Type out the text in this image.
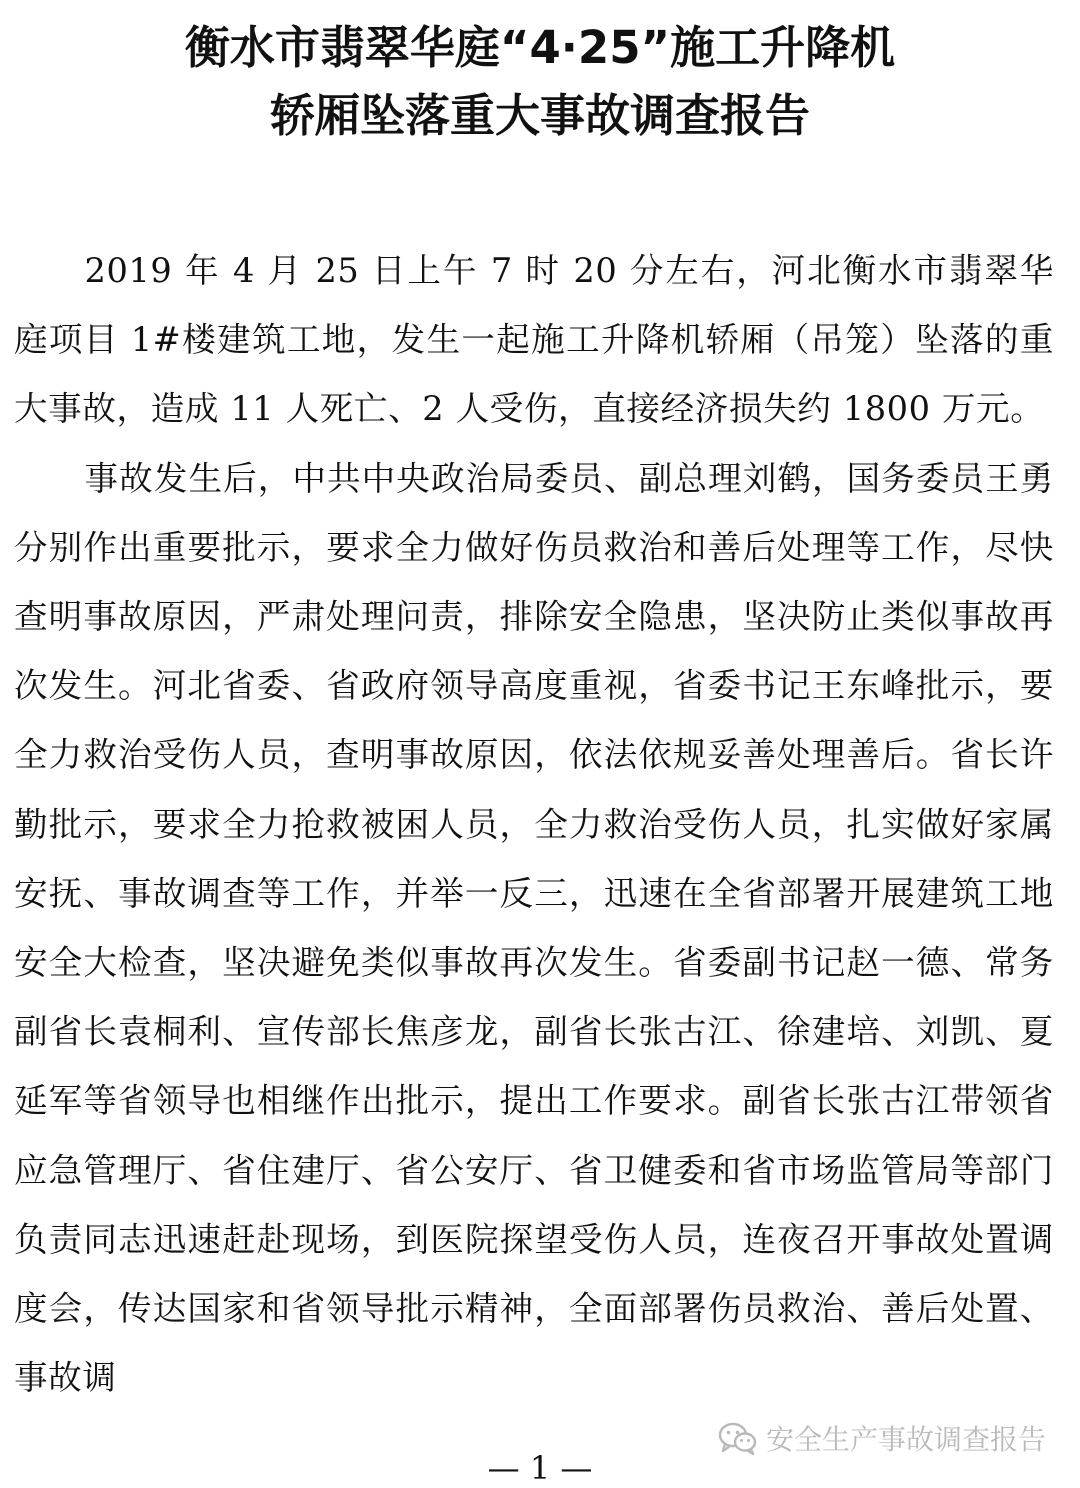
衡水市翡翠华庭“4·25”施工升降机
轿厢坠落重大事故调查报告

2019 年 4 月 25 日上午 7 时 20 分左右，河北衡水市翡翠华庭项目 1#楼建筑工地，发生一起施工升降机轿厢（吊笼）坠落的重大事故，造成 11 人死亡、2 人受伤，直接经济损失约 1800 万元。

事故发生后，中共中央政治局委员、副总理刘鹤，国务委员王勇分别作出重要批示，要求全力做好伤员救治和善后处理等工作，尽快查明事故原因，严肃处理问责，排除安全隐患，坚决防止类似事故再次发生。河北省委、省政府领导高度重视，省委书记王东峰批示，要全力救治受伤人员，查明事故原因，依法依规妥善处理善后。省长许勤批示，要求全力抢救被困人员，全力救治受伤人员，扎实做好家属安抚、事故调查等工作，并举一反三，迅速在全省部署开展建筑工地安全大检查，坚决避免类似事故再次发生。省委副书记赵一德、常务副省长袁桐利、宣传部长焦彦龙，副省长张古江、徐建培、刘凯、夏延军等省领导也相继作出批示，提出工作要求。副省长张古江带领省应急管理厅、省住建厅、省公安厅、省卫健委和省市场监管局等部门负责同志迅速赶赴现场，到医院探望受伤人员，连夜召开事故处置调度会，传达国家和省领导批示精神，全面部署伤员救治、善后处置、事故调

安全生产事故调查报告
— 1 —
